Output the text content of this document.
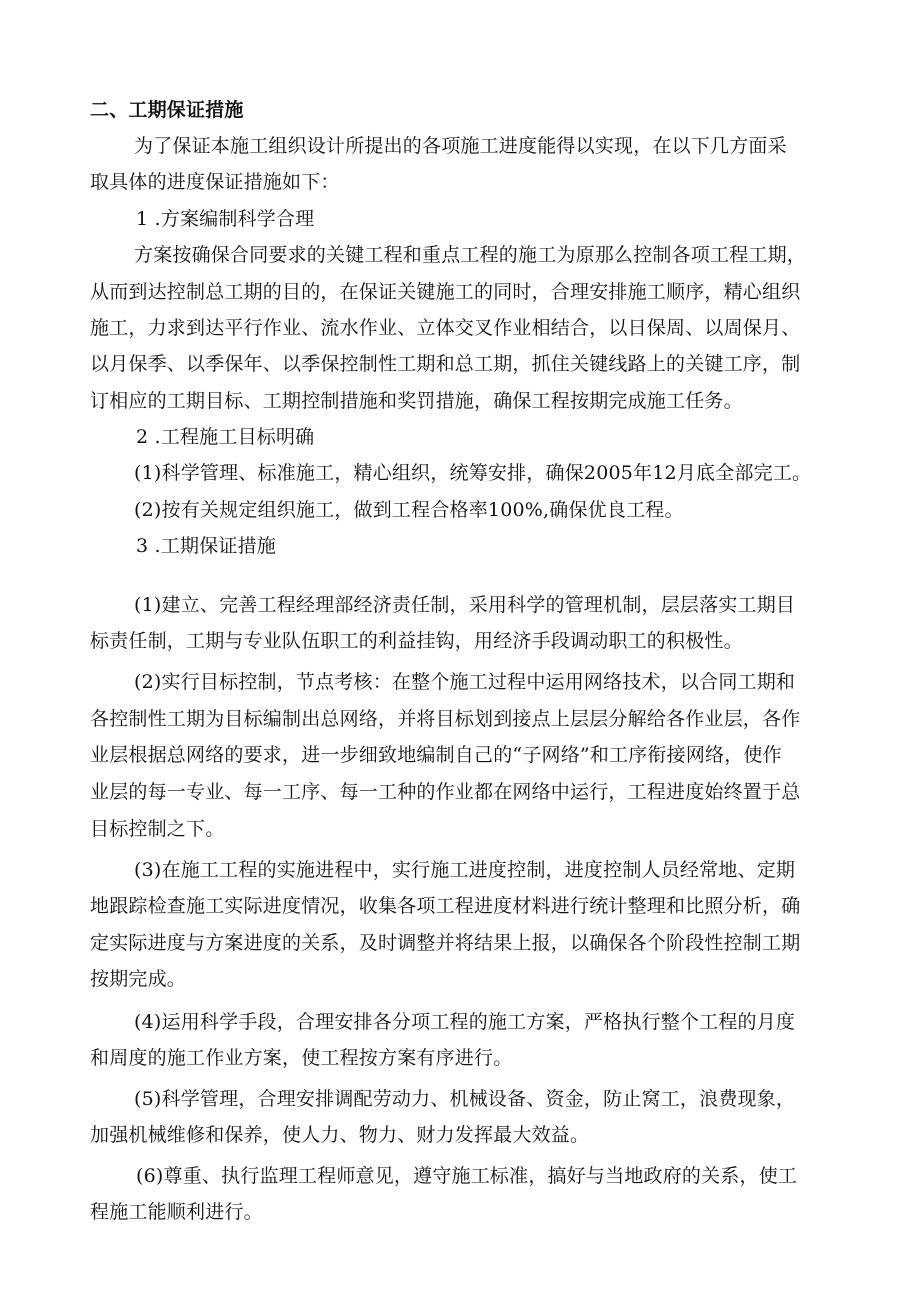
二、工期保证措施
为了保证本施工组织设计所提出的各项施工进度能得以实现，在以下几方面采
取具体的进度保证措施如下：
1 .方案编制科学合理
方案按确保合同要求的关键工程和重点工程的施工为原那么控制各项工程工期，
从而到达控制总工期的目的，在保证关键施工的同时，合理安排施工顺序，精心组织
施工，力求到达平行作业、流水作业、立体交叉作业相结合，以日保周、以周保月、
以月保季、以季保年、以季保控制性工期和总工期，抓住关键线路上的关键工序，制
订相应的工期目标、工期控制措施和奖罚措施，确保工程按期完成施工任务。
2 .工程施工目标明确
(1)科学管理、标准施工，精心组织，统筹安排，确保2005年12月底全部完工。
(2)按有关规定组织施工，做到工程合格率100%,确保优良工程。
3 .工期保证措施
(1)建立、完善工程经理部经济责任制，采用科学的管理机制，层层落实工期目
标责任制，工期与专业队伍职工的利益挂钩，用经济手段调动职工的积极性。
(2)实行目标控制，节点考核：在整个施工过程中运用网络技术，以合同工期和
各控制性工期为目标编制出总网络，并将目标划到接点上层层分解给各作业层，各作
业层根据总网络的要求，进一步细致地编制自己的“子网络”和工序衔接网络，使作
业层的每一专业、每一工序、每一工种的作业都在网络中运行，工程进度始终置于总
目标控制之下。
(3)在施工工程的实施进程中，实行施工进度控制，进度控制人员经常地、定期
地跟踪检查施工实际进度情况，收集各项工程进度材料进行统计整理和比照分析，确
定实际进度与方案进度的关系，及时调整并将结果上报，以确保各个阶段性控制工期
按期完成。
(4)运用科学手段，合理安排各分项工程的施工方案，严格执行整个工程的月度
和周度的施工作业方案，使工程按方案有序进行。
(5)科学管理，合理安排调配劳动力、机械设备、资金，防止窝工，浪费现象，
加强机械维修和保养，使人力、物力、财力发挥最大效益。
(6)尊重、执行监理工程师意见，遵守施工标准，搞好与当地政府的关系，使工
程施工能顺利进行。
